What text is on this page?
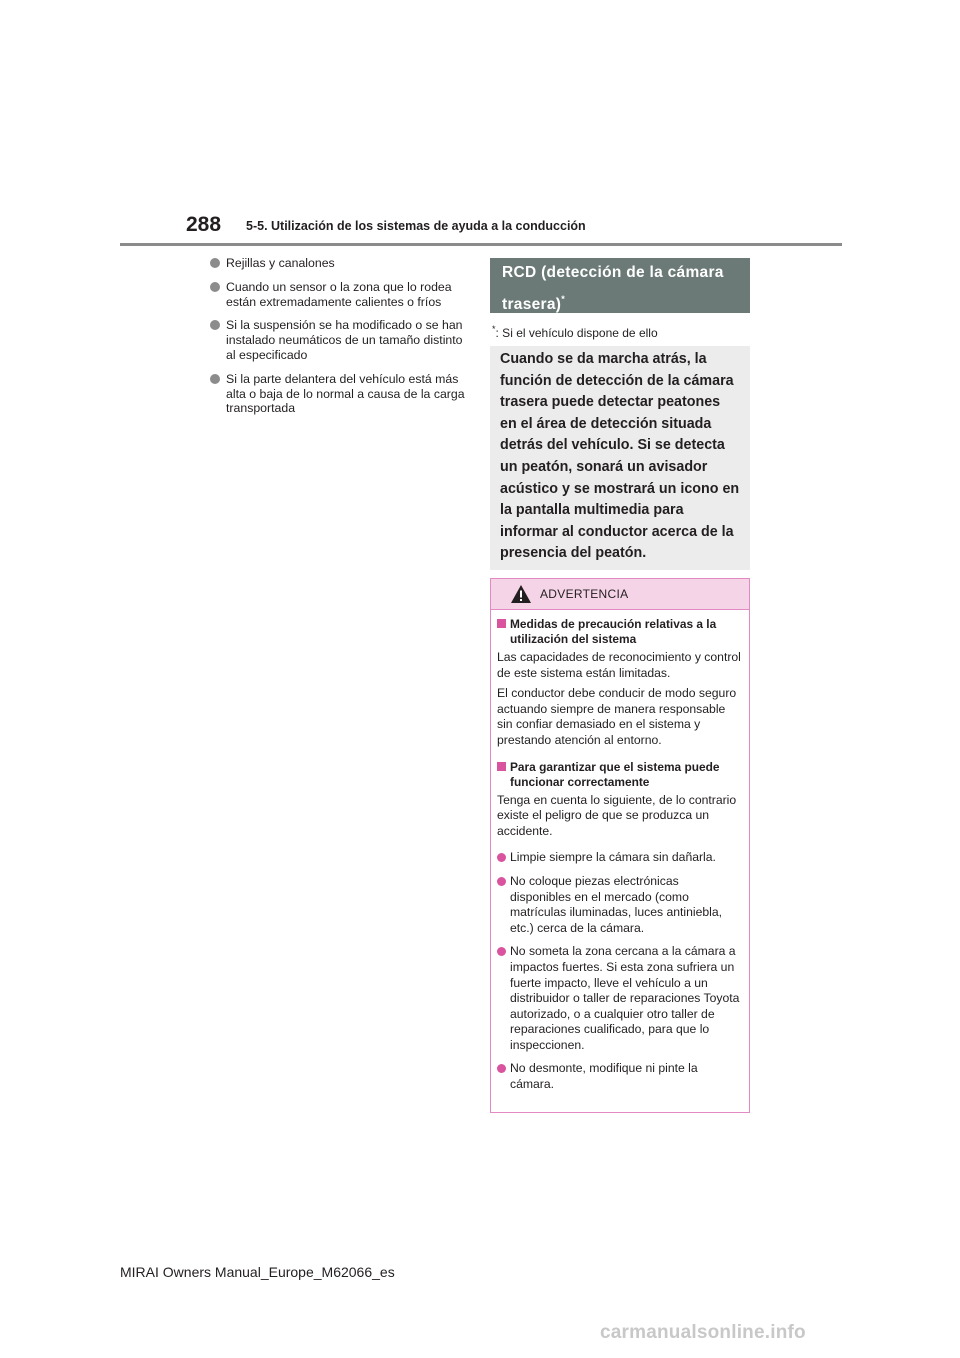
288 5-5. Utilización de los sistemas de ayuda a la conducción
Rejillas y canalones
Cuando un sensor o la zona que lo rodea están extremadamente calientes o fríos
Si la suspensión se ha modificado o se han instalado neumáticos de un tamaño distinto al especificado
Si la parte delantera del vehículo está más alta o baja de lo normal a causa de la carga transportada
RCD (detección de la cámara trasera)*
*: Si el vehículo dispone de ello
Cuando se da marcha atrás, la función de detección de la cámara trasera puede detectar peatones en el área de detección situada detrás del vehículo. Si se detecta un peatón, sonará un avisador acústico y se mostrará un icono en la pantalla multimedia para informar al conductor acerca de la presencia del peatón.
ADVERTENCIA
Medidas de precaución relativas a la utilización del sistema

Las capacidades de reconocimiento y control de este sistema están limitadas.

El conductor debe conducir de modo seguro actuando siempre de manera responsable sin confiar demasiado en el sistema y prestando atención al entorno.

Para garantizar que el sistema puede funcionar correctamente

Tenga en cuenta lo siguiente, de lo contrario existe el peligro de que se produzca un accidente.

Limpie siempre la cámara sin dañarla.
No coloque piezas electrónicas disponibles en el mercado (como matrículas iluminadas, luces antiniebla, etc.) cerca de la cámara.
No someta la zona cercana a la cámara a impactos fuertes. Si esta zona sufriera un fuerte impacto, lleve el vehículo a un distribuidor o taller de reparaciones Toyota autorizado, o a cualquier otro taller de reparaciones cualificado, para que lo inspeccionen.
No desmonte, modifique ni pinte la cámara.
MIRAI Owners Manual_Europe_M62066_es
carmanualsonline.info
